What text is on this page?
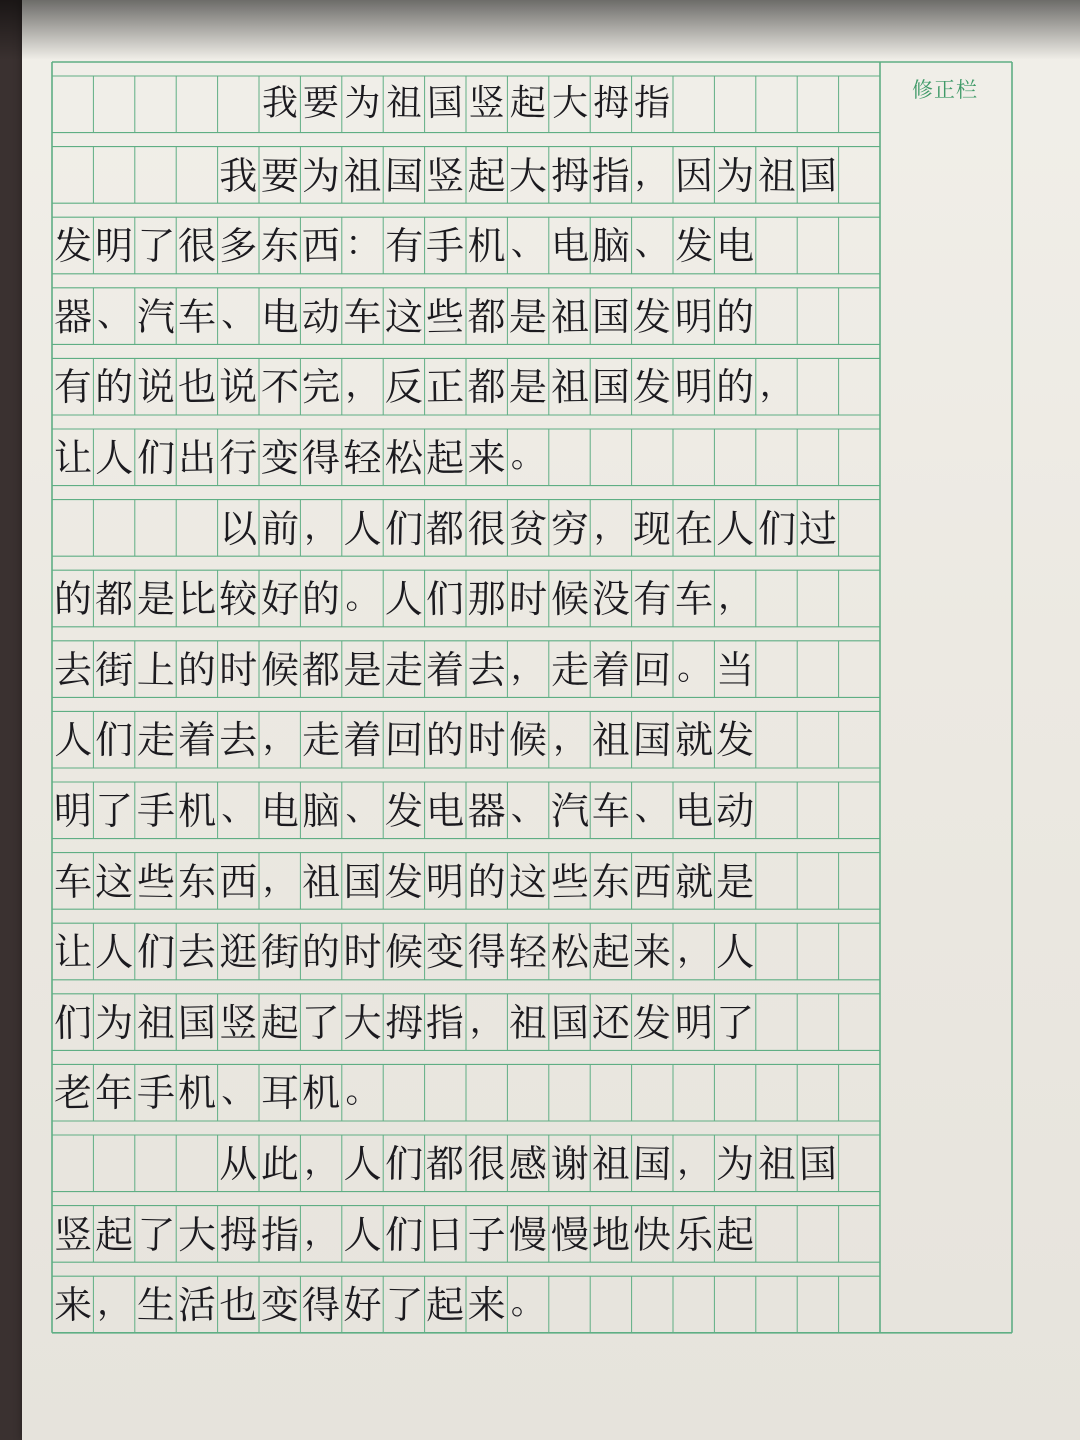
修正栏
我 要 为 祖 国 竖 起 大 拇 指
我 要 为 祖 国 竖 起 大 拇 指 ， 因 为 祖 国
发 明 了 很 多 东 西 ： 有 手 机 、 电 脑 、 发 电
器 、 汽 车 、 电 动 车 这 些 都 是 祖 国 发 明 的
有 的 说 也 说 不 完 ， 反 正 都 是 祖 国 发 明 的 ，
让 人 们 出 行 变 得 轻 松 起 来 。
以 前 ， 人 们 都 很 贫 穷 ， 现 在 人 们 过
的 都 是 比 较 好 的 。 人 们 那 时 候 没 有 车 ，
去 街 上 的 时 候 都 是 走 着 去 ， 走 着 回 。 当
人 们 走 着 去 ， 走 着 回 的 时 候 ， 祖 国 就 发
明 了 手 机 、 电 脑 、 发 电 器 、 汽 车 、 电 动
车 这 些 东 西 ， 祖 国 发 明 的 这 些 东 西 就 是
让 人 们 去 逛 街 的 时 候 变 得 轻 松 起 来 ， 人
们 为 祖 国 竖 起 了 大 拇 指 ， 祖 国 还 发 明 了
老 年 手 机 、 耳 机 。
从 此 ， 人 们 都 很 感 谢 祖 国 ， 为 祖 国
竖 起 了 大 拇 指 ， 人 们 日 子 慢 慢 地 快 乐 起
来 ， 生 活 也 变 得 好 了 起 来 。
